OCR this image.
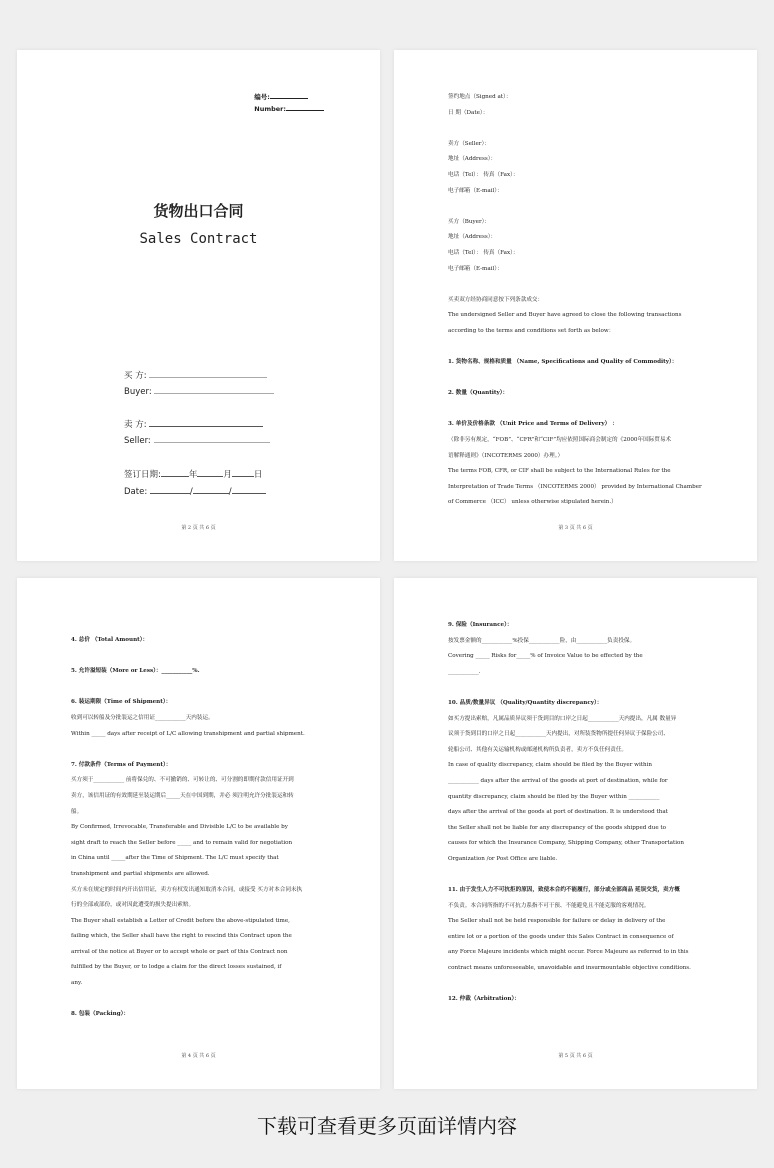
编号:
Number:
货物出口合同
Sales Contract
买 方:
Buyer:
卖 方:
Seller:
签订日期:	年	月	日
Date:	/	/
第 2 页 共 6 页

签约地点（Signed at）：

日 期（Date）：

卖方（Seller）：

地址（Address）：

电话（Tel）： 传真（Fax）：

电子邮箱（E-mail）：

买方（Buyer）：

地址（Address）：

电话（Tel）： 传真（Fax）：

电子邮箱（E-mail）：

买卖双方经协商同意按下列条款成交：

The undersigned Seller and Buyer have agreed to close the following transactions

according to the terms and conditions set forth as below：

1. 货物名称、规格和质量 （Name, Specifications and Quality of Commodity）：

2. 数量（Quantity）：

3. 单价及价格条款 （Unit Price and Terms of Delivery） ：

（除非另有规定，“FOB”、“CFR”和“CIF”均应依照国际商会制定的《2000年国际贸易术

语解释通则》（INCOTERMS 2000）办理。）

The terms FOB, CFR, or CIF shall be subject to the International Rules for the

Interpretation of Trade Terms （INCOTERMS 2000） provided by International Chamber

of Commerce （ICC） unless otherwise stipulated herein.）

第 3 页 共 6 页

4. 总价 （Total Amount）：

5. 允许溢短装（More or Less）：___________%.

6. 装运期限（Time of Shipment）：

收到可以转船及分批装运之信用证___________天内装运。

Within _____ days after receipt of L/C allowing transhipment and partial shipment.

7. 付款条件（Terms of Payment）：

买方须于___________ 前将保兑的、不可撤销的、可转让的、可分割的即期付款信用证开到

卖方，该信用证的有效期延至装运期后_____天在中国到期，并必 须注明允许分批装运和转

船。

By Confirmed, Irrevocable, Transferable and Divisible L/C to be available by

sight draft to reach the Seller before _____ and to remain valid for negotiation

in China until _____after the Time of Shipment. The L/C must specify that

transhipment and partial shipments are allowed.

买方未在规定的时间内开出信用证，卖方有权发出通知取消本合同，或接受 买方对本合同未执

行的全部或部份，或对因此遭受的损失提出索赔。

The Buyer shall establish a Letter of Credit before the above-stipulated time,

failing which, the Seller shall have the right to rescind this Contract upon the

arrival of the notice at Buyer or to accept whole or part of this Contract non

fulfilled by the Buyer, or to lodge a claim for the direct losses sustained, if

any.

8. 包装（Packing）：

第 4 页 共 6 页

9. 保险（Insurance）：

按发票金额的___________%投保___________险，由___________负责投保。

Covering _____ Risks for_____% of Invoice Value to be effected by the

___________.

10. 品质/数量异议 （Quality/Quantity discrepancy）：

如买方提出索赔，凡属品质异议须于货到目的口岸之日起___________天内提出，凡属 数量异

议须于货到目的口岸之日起___________天内提出，对所装货物所提任何异议于保险公司、

轮船公司、其他有关运输机构或邮递机构所负责者，卖方不负任何责任。

In case of quality discrepancy, claim should be filed by the Buyer within

___________ days after the arrival of the goods at port of destination, while for

quantity discrepancy, claim should be filed by the Buyer within ___________

days after the arrival of the goods at port of destination. It is understood that

the Seller shall not be liable for any discrepancy of the goods shipped due to

causes for which the Insurance Company, Shipping Company, other Transportation

Organization /or Post Office are liable.

11. 由于发生人力不可抗拒的原因，致使本合约不能履行，部分或全部商品 延误交货，卖方概

不负责。本合同所指的不可抗力系指不可干预、不能避免且不能克服的客观情况。

The Seller shall not be held responsible for failure or delay in delivery of the

entire lot or a portion of the goods under this Sales Contract in consequence of

any Force Majeure incidents which might occur. Force Majeure as referred to in this

contract means unforeseeable, unavoidable and insurmountable objective conditions.

12. 仲裁（Arbitration）：

第 5 页 共 6 页
下载可查看更多页面详情内容
